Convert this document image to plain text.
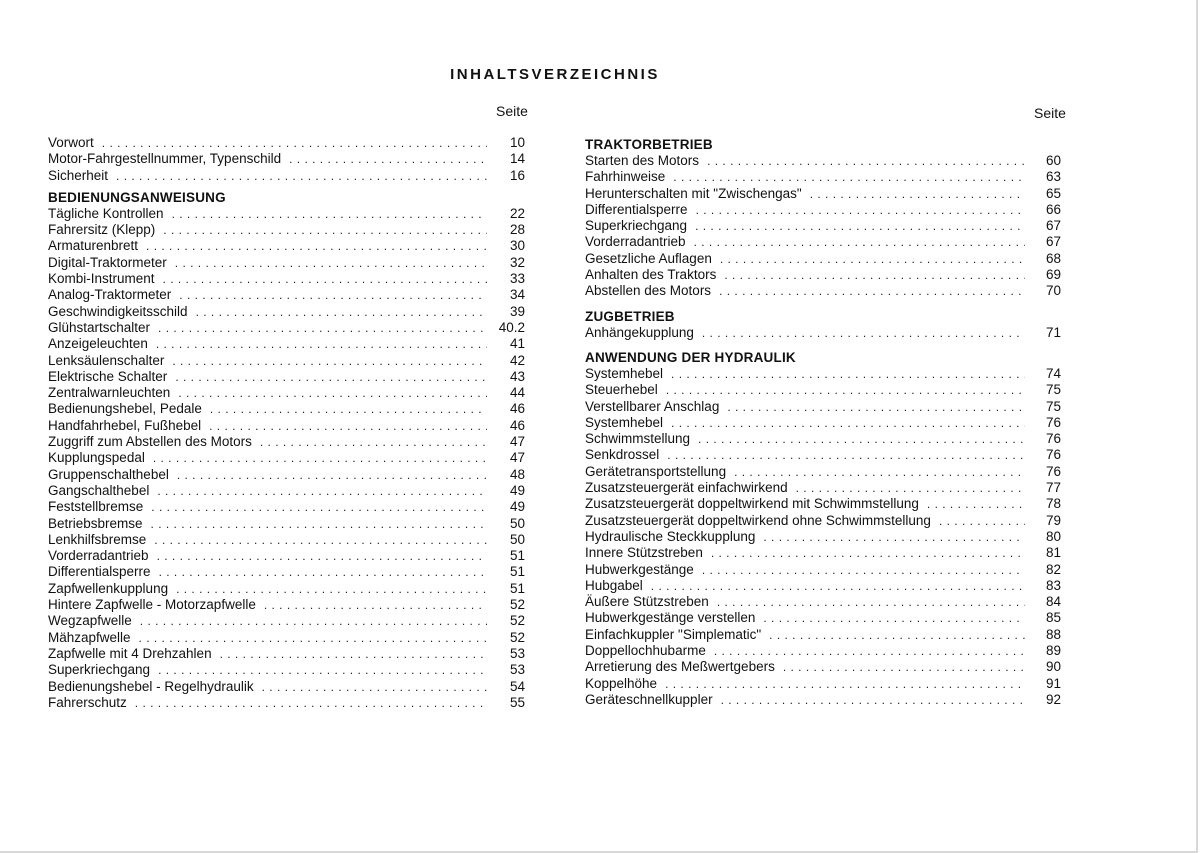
INHALTSVERZEICHNIS
Seite	Seite
Vorwort . . .	10
Motor-Fahrgestellnummer, Typenschild . . .	14
Sicherheit . . .	16
BEDIENUNGSANWEISUNG
Tägliche Kontrollen . . .	22
Fahrersitz (Klepp) . . .	28
Armaturenbrett . . .	30
Digital-Traktormeter . . .	32
Kombi-Instrument . . .	33
Analog-Traktormeter . . .	34
Geschwindigkeitsschild . . .	39
Glühstartschalter . . .	40.2
Anzeigeleuchten . . .	41
Lenksäulenschalter . . .	42
Elektrische Schalter . . .	43
Zentralwarnleuchten . . .	44
Bedienungshebel, Pedale . . .	46
Handfahrhebel, Fußhebel . . .	46
Zuggriff zum Abstellen des Motors . . .	47
Kupplungspedal . . .	47
Gruppenschalthebel . . .	48
Gangschalthebel . . .	49
Feststellbremse . . .	49
Betriebsbremse . . .	50
Lenkhilfsbremse . . .	50
Vorderradantrieb . . .	51
Differentialsperre . . .	51
Zapfwellenkupplung . . .	51
Hintere Zapfwelle - Motorzapfwelle . . .	52
Wegzapfwelle . . .	52
Mähzapfwelle . . .	52
Zapfwelle mit 4 Drehzahlen . . .	53
Superkriechgang . . .	53
Bedienungshebel - Regelhydraulik . . .	54
Fahrerschutz . . .	55
TRAKTORBETRIEB
Starten des Motors . . .	60
Fahrhinweise . . .	63
Herunterschalten mit "Zwischengas" . . .	65
Differentialsperre . . .	66
Superkriechgang . . .	67
Vorderradantrieb . . .	67
Gesetzliche Auflagen . . .	68
Anhalten des Traktors . . .	69
Abstellen des Motors . . .	70
ZUGBETRIEB
Anhängekupplung . . .	71
ANWENDUNG DER HYDRAULIK
Systemhebel . . .	74
Steuerhebel . . .	75
Verstellbarer Anschlag . . .	75
Systemhebel . . .	76
Schwimmstellung . . .	76
Senkdrossel . . .	76
Gerätetransportstellung . . .	76
Zusatzsteuergerät einfachwirkend . . .	77
Zusatzsteuergerät doppeltwirkend mit Schwimmstellung . . .	78
Zusatzsteuergerät doppeltwirkend ohne Schwimmstellung . . .	79
Hydraulische Steckkupplung . . .	80
Innere Stützstreben . . .	81
Hubwerkgestänge . . .	82
Hubgabel . . .	83
Äußere Stützstreben . . .	84
Hubwerkgestänge verstellen . . .	85
Einfachkuppler "Simplematic" . . .	88
Doppellochhubarme . . .	89
Arretierung des Meßwertgebers . . .	90
Koppelhöhe . . .	91
Geräteschnellkuppler . . .	92
